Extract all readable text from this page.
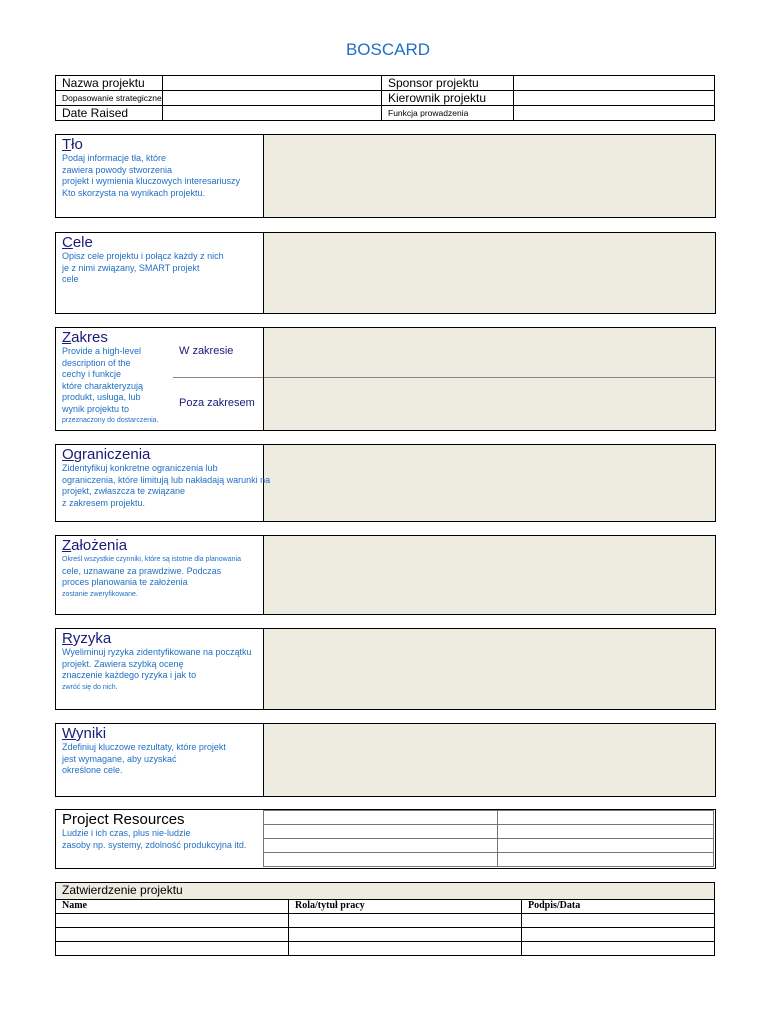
BOSCARD
Nazwa projektu		Sponsor projektu	
Dopasowanie strategiczne		Kierownik projektu	
Date Raised		Funkcja prowadzenia	
Tło
Podaj informacje tła, które
zawiera powody stworzenia
projekt i wymienia kluczowych interesariuszy
Kto skorzysta na wynikach projektu.
Cele
Opisz cele projektu i połącz każdy z nich
je z nimi związany, SMART projekt
cele
Zakres
Provide a high-level
description of the
cechy i funkcje
które charakteryzują
produkt, usługa, lub
wynik projektu to
przeznaczony do dostarczenia.
W zakresie
Poza zakresem
Ograniczenia
Zidentyfikuj konkretne ograniczenia lub
ograniczenia, które limitują lub nakładają warunki na
projekt, zwłaszcza te związane
z zakresem projektu.
Założenia
Określ wszystkie czynniki, które są istotne dla planowania
cele, uznawane za prawdziwe. Podczas
proces planowania te założenia
zostanie zweryfikowane.
Ryzyka
Wyeliminuj ryzyka zidentyfikowane na początku
projekt. Zawiera szybką ocenę
znaczenie każdego ryzyka i jak to
zwróć się do nich.
Wyniki
Zdefiniuj kluczowe rezultaty, które projekt
jest wymagane, aby uzyskać
określone cele.
Project Resources
Ludzie i ich czas, plus nie-ludzie
zasoby np. systemy, zdolność produkcyjna itd.

Zatwierdzenie projektu		
Name	Rola/tytuł pracy	Podpis/Data
